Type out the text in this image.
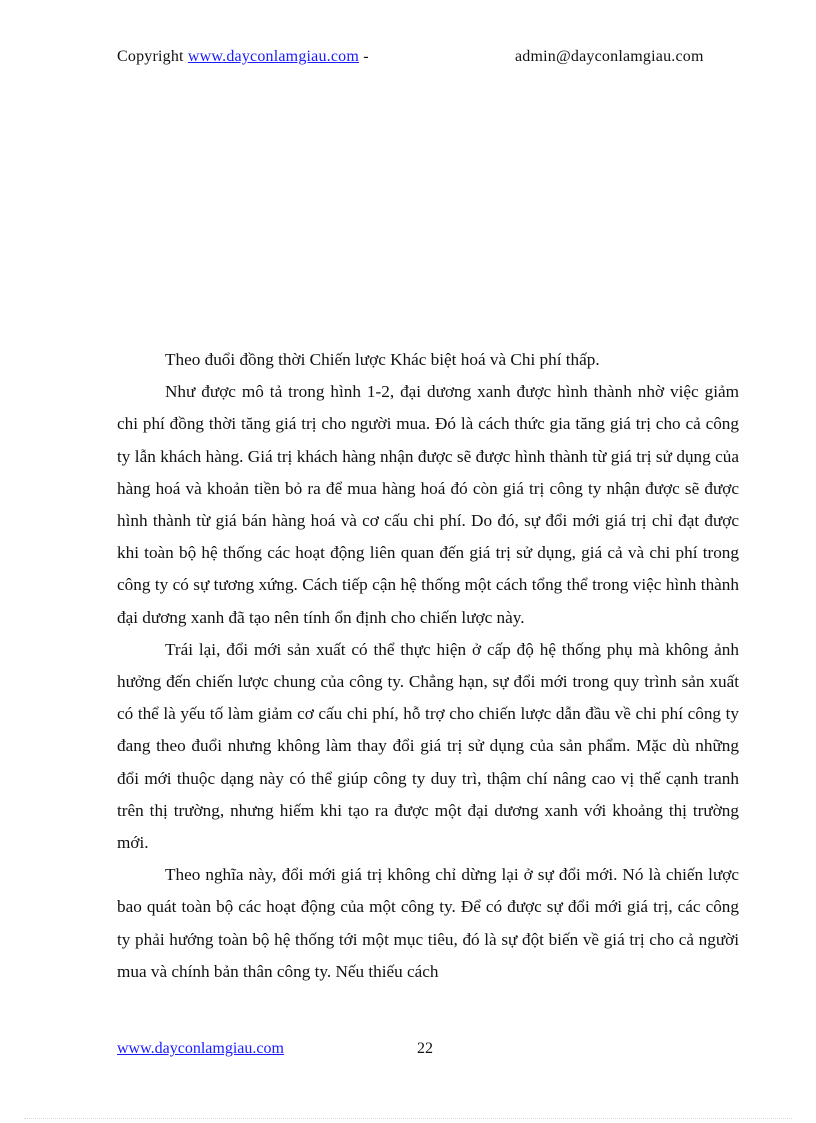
Copyright www.dayconlamgiau.com -	admin@dayconlamgiau.com

Theo đuổi đồng thời Chiến lược Khác biệt hoá và Chi phí thấp.

Như được mô tả trong hình 1-2, đại dương xanh được hình thành nhờ việc giảm chi phí đồng thời tăng giá trị cho người mua. Đó là cách thức gia tăng giá trị cho cả công ty lẫn khách hàng. Giá trị khách hàng nhận được sẽ được hình thành từ giá trị sử dụng của hàng hoá và khoản tiền bỏ ra để mua hàng hoá đó còn giá trị công ty nhận được sẽ được hình thành từ giá bán hàng hoá và cơ cấu chi phí. Do đó, sự đổi mới giá trị chỉ đạt được khi toàn bộ hệ thống các hoạt động liên quan đến giá trị sử dụng, giá cả và chi phí trong công ty có sự tương xứng. Cách tiếp cận hệ thống một cách tổng thể trong việc hình thành đại dương xanh đã tạo nên tính ổn định cho chiến lược này.

Trái lại, đổi mới sản xuất có thể thực hiện ở cấp độ hệ thống phụ mà không ảnh hưởng đến chiến lược chung của công ty. Chẳng hạn, sự đổi mới trong quy trình sản xuất có thể là yếu tố làm giảm cơ cấu chi phí, hỗ trợ cho chiến lược dẫn đầu về chi phí công ty đang theo đuổi nhưng không làm thay đổi giá trị sử dụng của sản phẩm. Mặc dù những đổi mới thuộc dạng này có thể giúp công ty duy trì, thậm chí nâng cao vị thế cạnh tranh trên thị trường, nhưng hiếm khi tạo ra được một đại dương xanh với khoảng thị trường mới.

Theo nghĩa này, đổi mới giá trị không chỉ dừng lại ở sự đổi mới. Nó là chiến lược bao quát toàn bộ các hoạt động của một công ty. Để có được sự đổi mới giá trị, các công ty phải hướng toàn bộ hệ thống tới một mục tiêu, đó là sự đột biến về giá trị cho cả người mua và chính bản thân công ty. Nếu thiếu cách

www.dayconlamgiau.com	22
